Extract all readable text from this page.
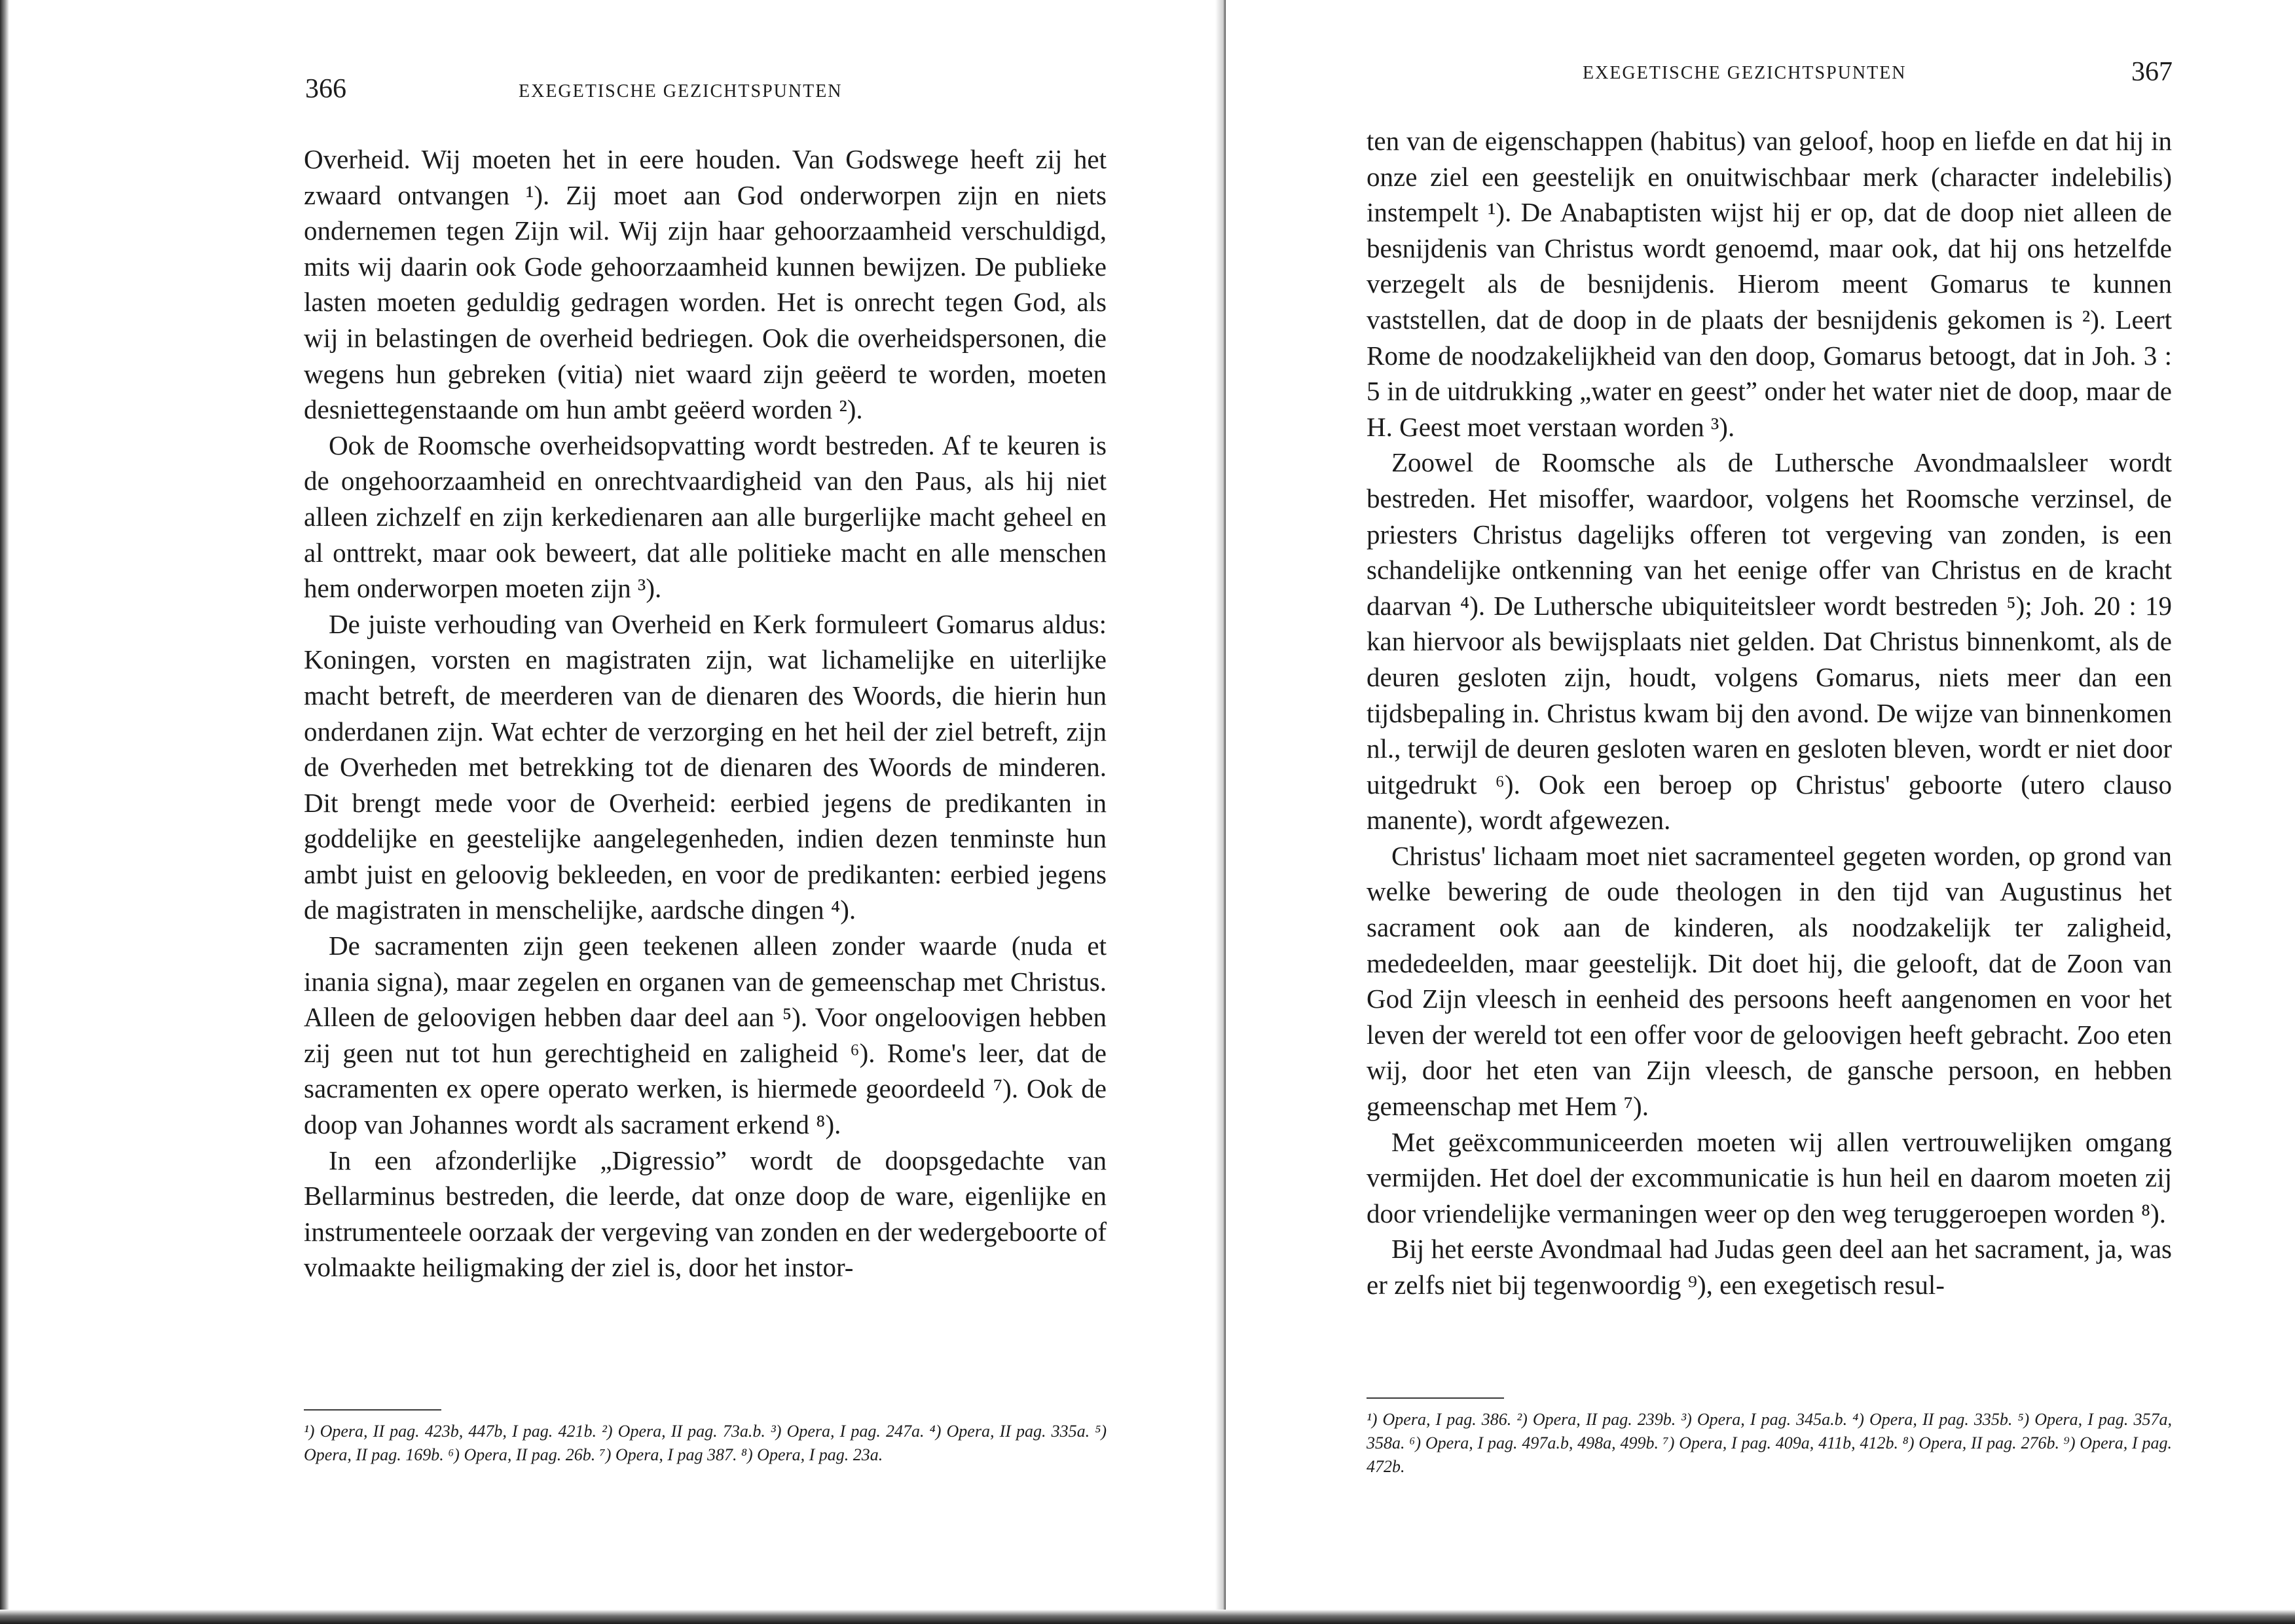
366	EXEGETISCHE GEZICHTSPUNTEN

Overheid. Wij moeten het in eere houden. Van Godswege heeft zij het zwaard ontvangen ¹). Zij moet aan God onderworpen zijn en niets ondernemen tegen Zijn wil. Wij zijn haar gehoorzaamheid verschuldigd, mits wij daarin ook Gode gehoorzaamheid kunnen bewijzen. De publieke lasten moeten geduldig gedragen worden. Het is onrecht tegen God, als wij in belastingen de overheid bedriegen. Ook die overheidspersonen, die wegens hun gebreken (vitia) niet waard zijn geëerd te worden, moeten desniettegenstaande om hun ambt geëerd worden ²).

Ook de Roomsche overheidsopvatting wordt bestreden. Af te keuren is de ongehoorzaamheid en onrechtvaardigheid van den Paus, als hij niet alleen zichzelf en zijn kerkedienaren aan alle burgerlijke macht geheel en al onttrekt, maar ook beweert, dat alle politieke macht en alle menschen hem onderworpen moeten zijn ³).

De juiste verhouding van Overheid en Kerk formuleert Gomarus aldus: Koningen, vorsten en magistraten zijn, wat lichamelijke en uiterlijke macht betreft, de meerderen van de dienaren des Woords, die hierin hun onderdanen zijn. Wat echter de verzorging en het heil der ziel betreft, zijn de Overheden met betrekking tot de dienaren des Woords de minderen. Dit brengt mede voor de Overheid: eerbied jegens de predikanten in goddelijke en geestelijke aangelegenheden, indien dezen tenminste hun ambt juist en geloovig bekleeden, en voor de predikanten: eerbied jegens de magistraten in menschelijke, aardsche dingen ⁴).

De sacramenten zijn geen teekenen alleen zonder waarde (nuda et inania signa), maar zegelen en organen van de gemeenschap met Christus. Alleen de geloovigen hebben daar deel aan ⁵). Voor ongeloovigen hebben zij geen nut tot hun gerechtigheid en zaligheid ⁶). Rome's leer, dat de sacramenten ex opere operato werken, is hiermede geoordeeld ⁷). Ook de doop van Johannes wordt als sacrament erkend ⁸).

In een afzonderlijke „Digressio” wordt de doopsgedachte van Bellarminus bestreden, die leerde, dat onze doop de ware, eigenlijke en instrumenteele oorzaak der vergeving van zonden en der wedergeboorte of volmaakte heiligmaking der ziel is, door het instor-

¹) Opera, II pag. 423b, 447b, I pag. 421b. ²) Opera, II pag. 73a.b. ³) Opera, I pag. 247a. ⁴) Opera, II pag. 335a. ⁵) Opera, II pag. 169b. ⁶) Opera, II pag. 26b. ⁷) Opera, I pag 387. ⁸) Opera, I pag. 23a.
EXEGETISCHE GEZICHTSPUNTEN	367

ten van de eigenschappen (habitus) van geloof, hoop en liefde en dat hij in onze ziel een geestelijk en onuitwischbaar merk (character indelebilis) instempelt ¹). De Anabaptisten wijst hij er op, dat de doop niet alleen de besnijdenis van Christus wordt genoemd, maar ook, dat hij ons hetzelfde verzegelt als de besnijdenis. Hierom meent Gomarus te kunnen vaststellen, dat de doop in de plaats der besnijdenis gekomen is ²). Leert Rome de noodzakelijkheid van den doop, Gomarus betoogt, dat in Joh. 3 : 5 in de uitdrukking „water en geest” onder het water niet de doop, maar de H. Geest moet verstaan worden ³).

Zoowel de Roomsche als de Luthersche Avondmaalsleer wordt bestreden. Het misoffer, waardoor, volgens het Roomsche verzinsel, de priesters Christus dagelijks offeren tot vergeving van zonden, is een schandelijke ontkenning van het eenige offer van Christus en de kracht daarvan ⁴). De Luthersche ubiquiteitsleer wordt bestreden ⁵); Joh. 20 : 19 kan hiervoor als bewijsplaats niet gelden. Dat Christus binnenkomt, als de deuren gesloten zijn, houdt, volgens Gomarus, niets meer dan een tijdsbepaling in. Christus kwam bij den avond. De wijze van binnenkomen nl., terwijl de deuren gesloten waren en gesloten bleven, wordt er niet door uitgedrukt ⁶). Ook een beroep op Christus' geboorte (utero clauso manente), wordt afgewezen.

Christus' lichaam moet niet sacramenteel gegeten worden, op grond van welke bewering de oude theologen in den tijd van Augustinus het sacrament ook aan de kinderen, als noodzakelijk ter zaligheid, mededeelden, maar geestelijk. Dit doet hij, die gelooft, dat de Zoon van God Zijn vleesch in eenheid des persoons heeft aangenomen en voor het leven der wereld tot een offer voor de geloovigen heeft gebracht. Zoo eten wij, door het eten van Zijn vleesch, de gansche persoon, en hebben gemeenschap met Hem ⁷).

Met geëxcommuniceerden moeten wij allen vertrouwelijken omgang vermijden. Het doel der excommunicatie is hun heil en daarom moeten zij door vriendelijke vermaningen weer op den weg teruggeroepen worden ⁸).

Bij het eerste Avondmaal had Judas geen deel aan het sacrament, ja, was er zelfs niet bij tegenwoordig ⁹), een exegetisch resul-

¹) Opera, I pag. 386. ²) Opera, II pag. 239b. ³) Opera, I pag. 345a.b. ⁴) Opera, II pag. 335b. ⁵) Opera, I pag. 357a, 358a. ⁶) Opera, I pag. 497a.b, 498a, 499b. ⁷) Opera, I pag. 409a, 411b, 412b. ⁸) Opera, II pag. 276b. ⁹) Opera, I pag. 472b.
